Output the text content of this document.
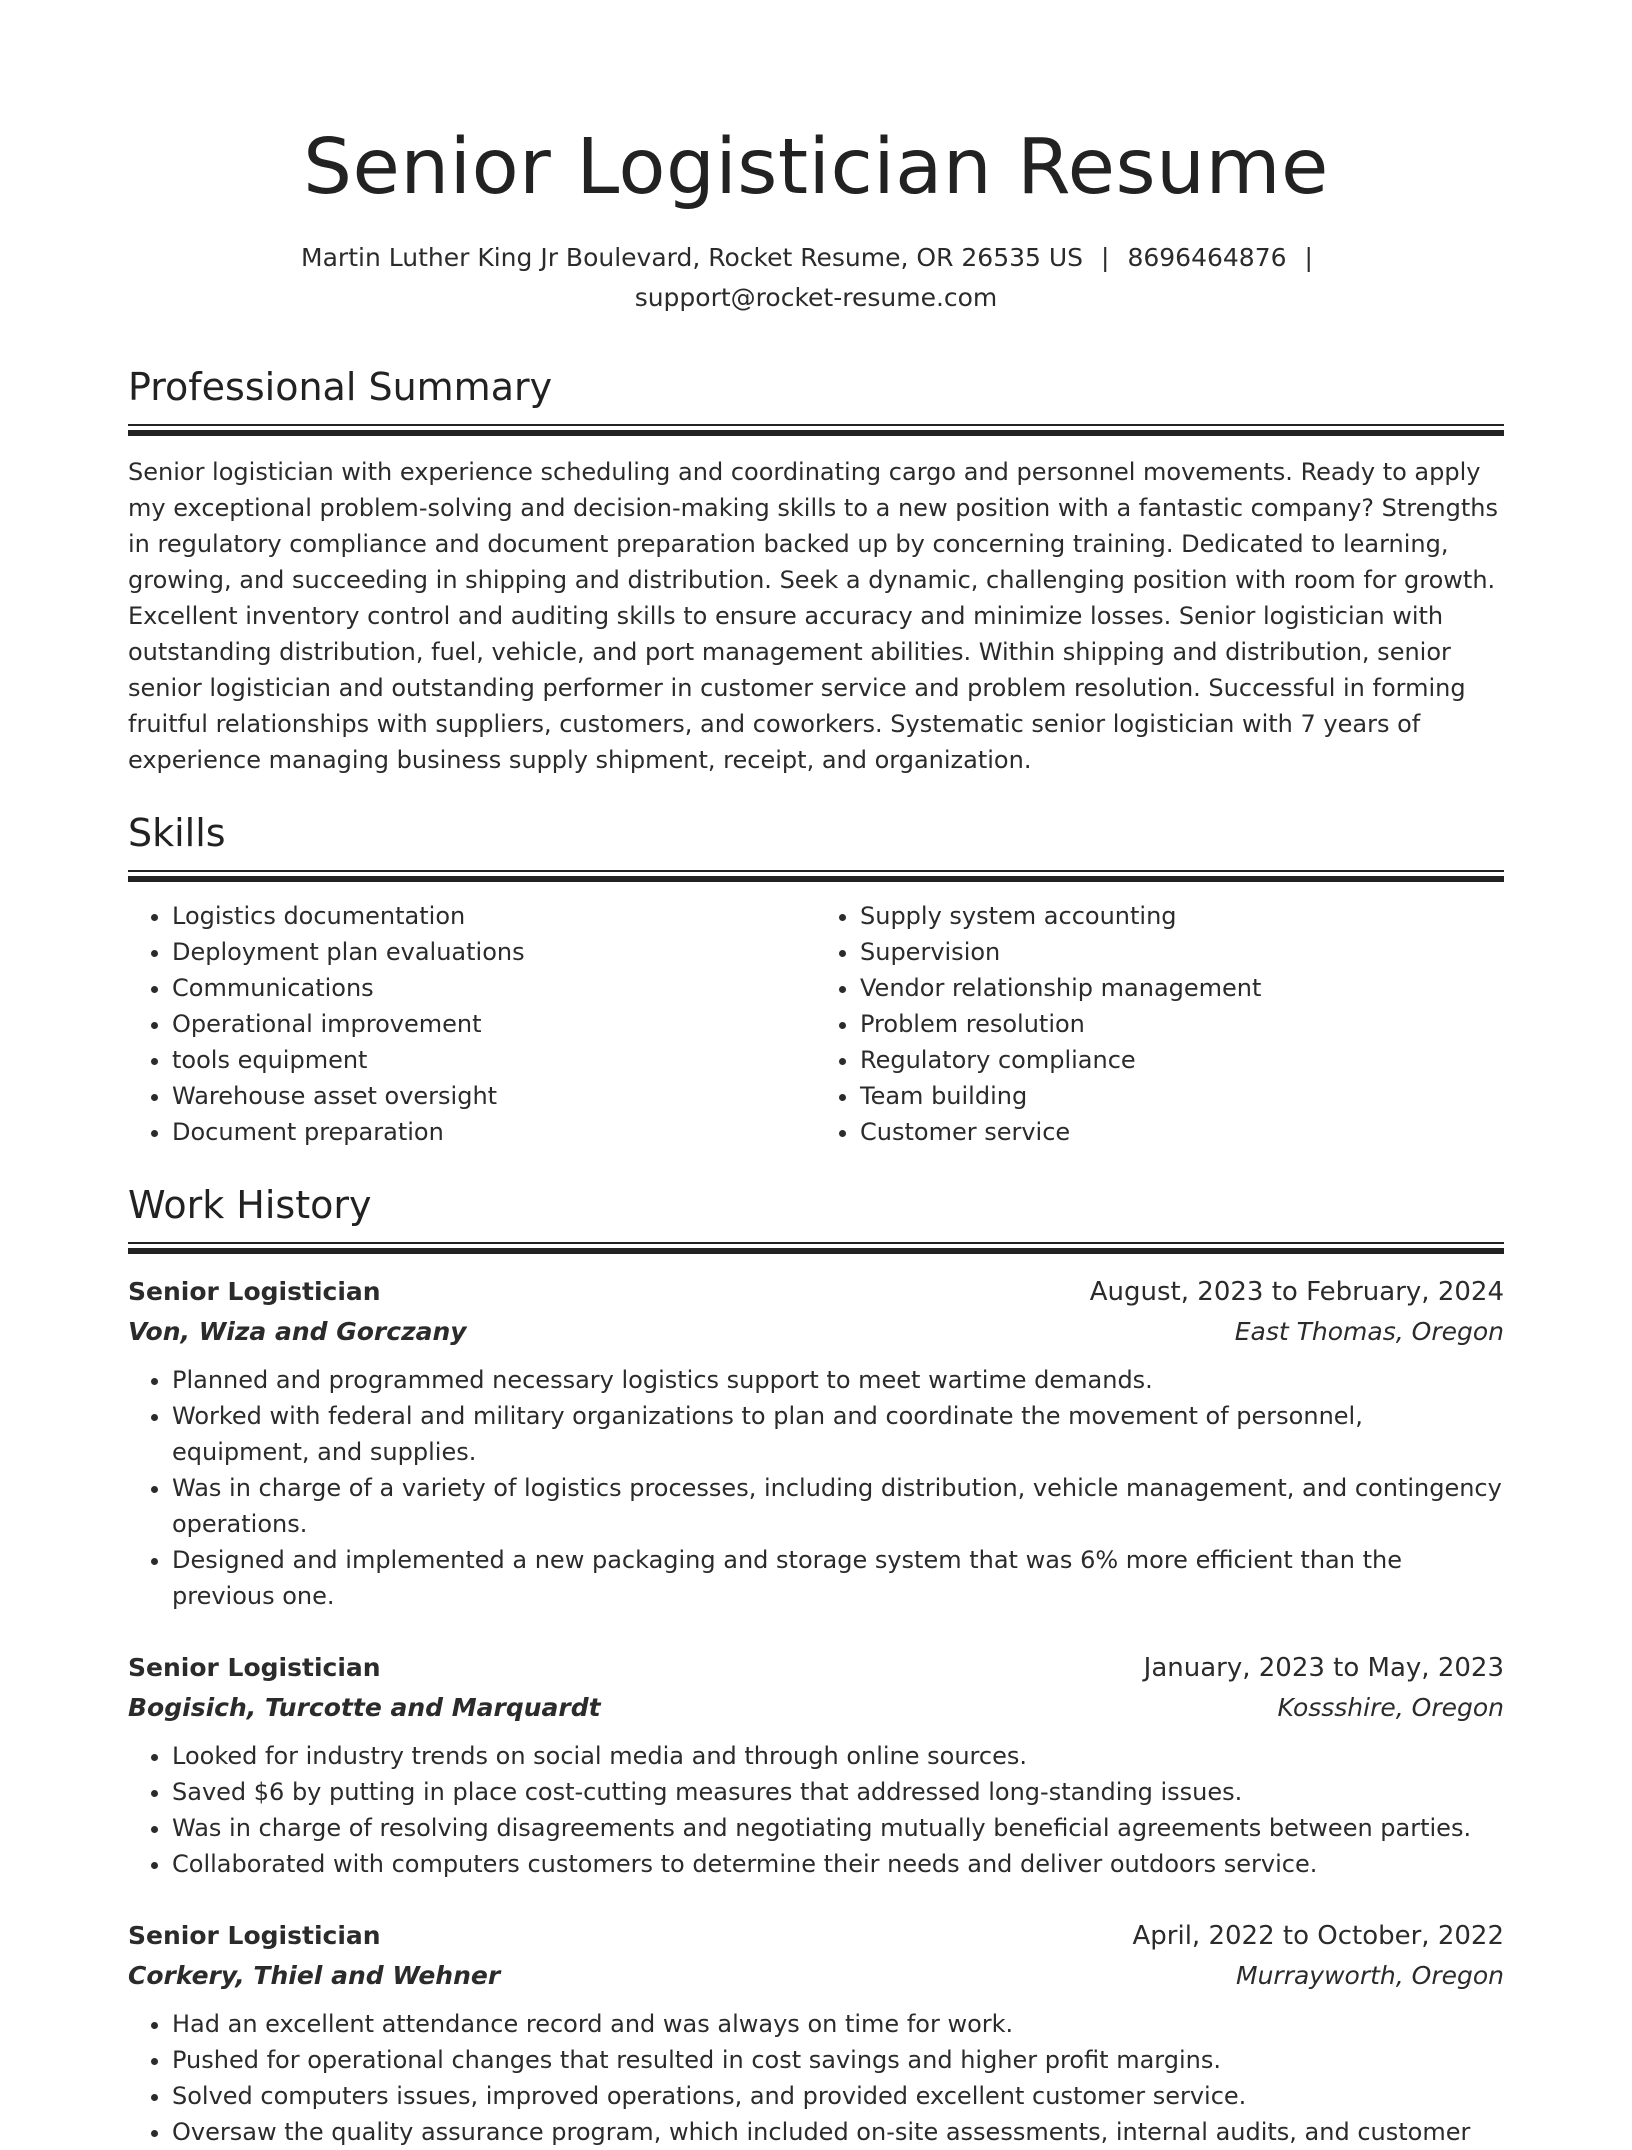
Senior Logistician Resume
Martin Luther King Jr Boulevard, Rocket Resume, OR 26535 US | 8696464876 |
support@rocket-resume.com
Professional Summary

Senior logistician with experience scheduling and coordinating cargo and personnel movements. Ready to apply my exceptional problem-solving and decision-making skills to a new position with a fantastic company? Strengths in regulatory compliance and document preparation backed up by concerning training. Dedicated to learning, growing, and succeeding in shipping and distribution. Seek a dynamic, challenging position with room for growth. Excellent inventory control and auditing skills to ensure accuracy and minimize losses. Senior logistician with outstanding distribution, fuel, vehicle, and port management abilities. Within shipping and distribution, senior senior logistician and outstanding performer in customer service and problem resolution. Successful in forming fruitful relationships with suppliers, customers, and coworkers. Systematic senior logistician with 7 years of experience managing business supply shipment, receipt, and organization.

Skills
• Logistics documentation
• Deployment plan evaluations
• Communications
• Operational improvement
• tools equipment
• Warehouse asset oversight
• Document preparation
• Supply system accounting
• Supervision
• Vendor relationship management
• Problem resolution
• Regulatory compliance
• Team building
• Customer service
Work History
Senior Logistician	August, 2023 to February, 2024
Von, Wiza and Gorczany	East Thomas, Oregon
• Planned and programmed necessary logistics support to meet wartime demands.
• Worked with federal and military organizations to plan and coordinate the movement of personnel, equipment, and supplies.
• Was in charge of a variety of logistics processes, including distribution, vehicle management, and contingency operations.
• Designed and implemented a new packaging and storage system that was 6% more efficient than the previous one.
Senior Logistician	January, 2023 to May, 2023
Bogisich, Turcotte and Marquardt	Kossshire, Oregon
• Looked for industry trends on social media and through online sources.
• Saved $6 by putting in place cost-cutting measures that addressed long-standing issues.
• Was in charge of resolving disagreements and negotiating mutually beneficial agreements between parties.
• Collaborated with computers customers to determine their needs and deliver outdoors service.
Senior Logistician	April, 2022 to October, 2022
Corkery, Thiel and Wehner	Murrayworth, Oregon
• Had an excellent attendance record and was always on time for work.
• Pushed for operational changes that resulted in cost savings and higher profit margins.
• Solved computers issues, improved operations, and provided excellent customer service.
• Oversaw the quality assurance program, which included on-site assessments, internal audits, and customer
